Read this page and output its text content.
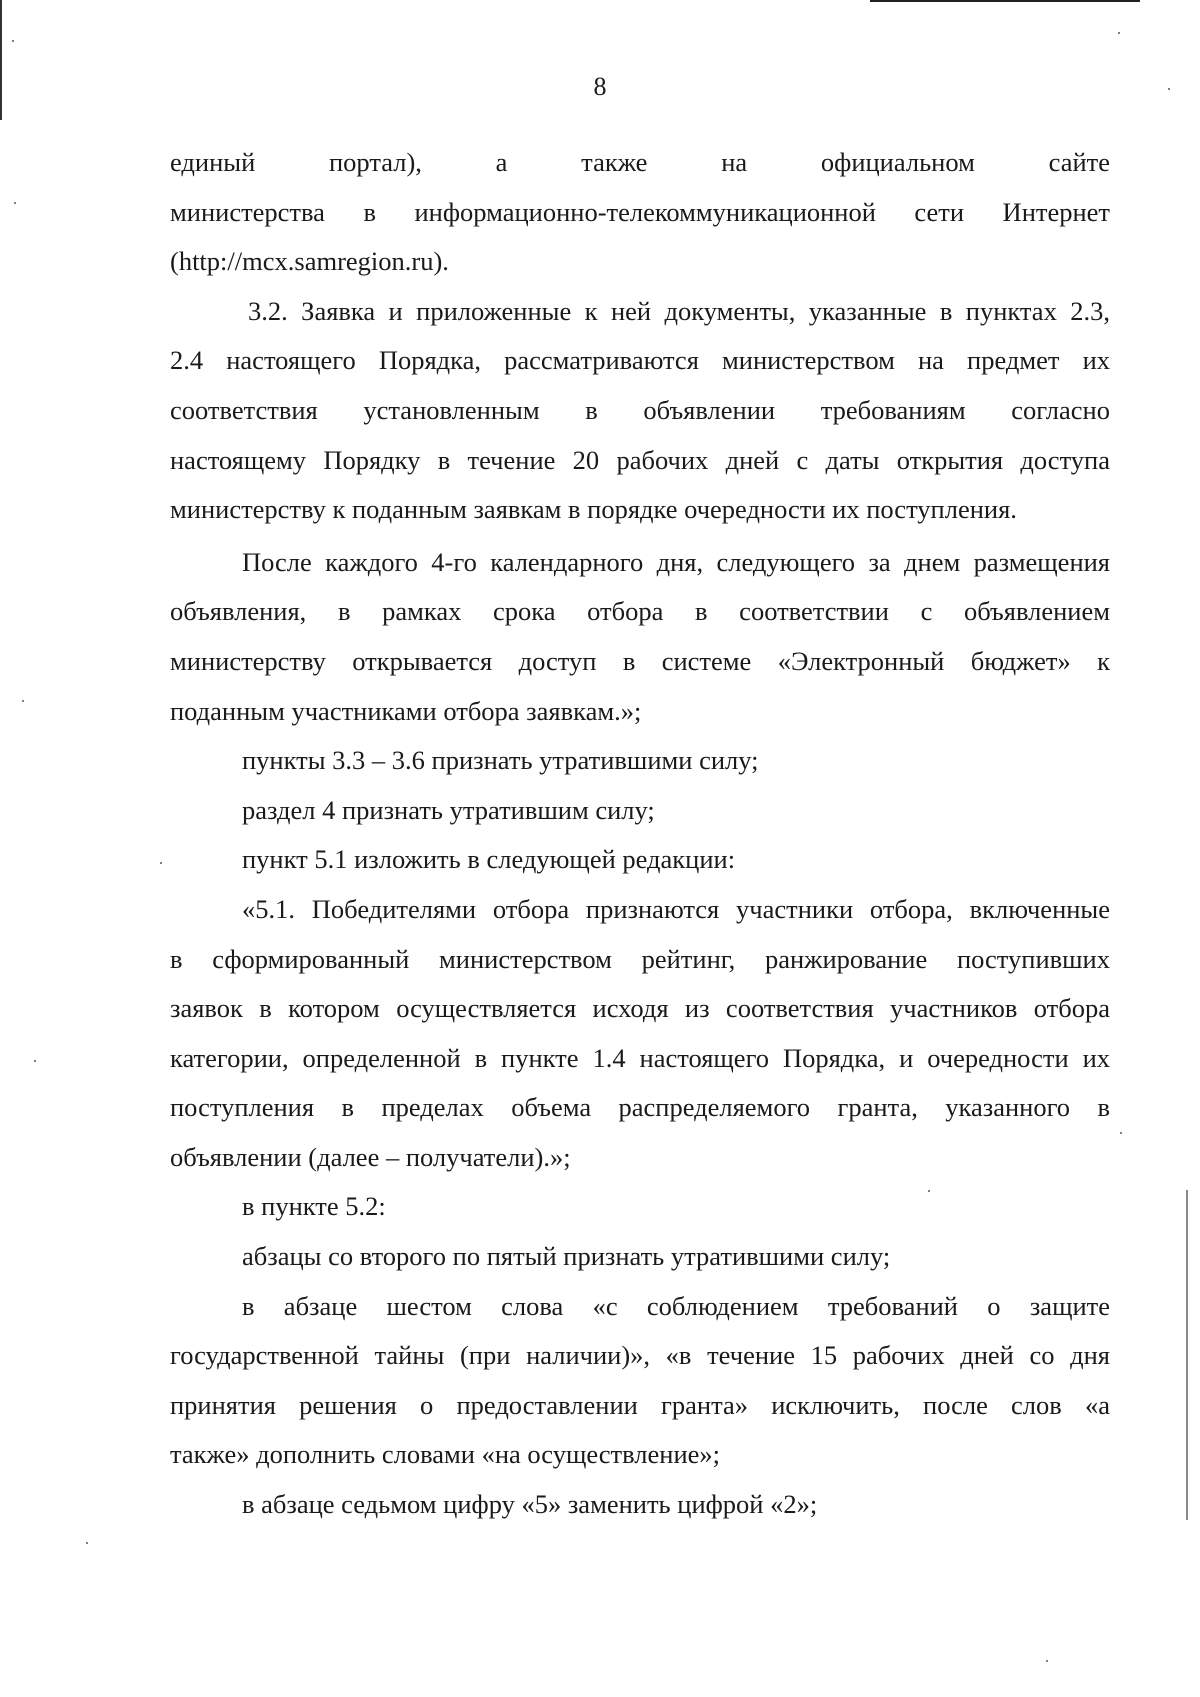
8

единый портал), а также на официальном сайте

министерства в информационно-телекоммуникационной сети Интернет

(http://mcx.samregion.ru).

3.2. Заявка и приложенные к ней документы, указанные в пунктах 2.3,

2.4 настоящего Порядка, рассматриваются министерством на предмет их

соответствия установленным в объявлении требованиям согласно

настоящему Порядку в течение 20 рабочих дней с даты открытия доступа

министерству к поданным заявкам в порядке очередности их поступления.

После каждого 4-го календарного дня, следующего за днем размещения

объявления, в рамках срока отбора в соответствии с объявлением

министерству открывается доступ в системе «Электронный бюджет» к

поданным участниками отбора заявкам.»;

пункты 3.3 – 3.6 признать утратившими силу;

раздел 4 признать утратившим силу;

пункт 5.1 изложить в следующей редакции:

«5.1. Победителями отбора признаются участники отбора, включенные

в сформированный министерством рейтинг, ранжирование поступивших

заявок в котором осуществляется исходя из соответствия участников отбора

категории, определенной в пункте 1.4 настоящего Порядка, и очередности их

поступления в пределах объема распределяемого гранта, указанного в

объявлении (далее – получатели).»;

в пункте 5.2:

абзацы со второго по пятый признать утратившими силу;

в абзаце шестом слова «с соблюдением требований о защите

государственной тайны (при наличии)», «в течение 15 рабочих дней со дня

принятия решения о предоставлении гранта» исключить, после слов «а

также» дополнить словами «на осуществление»;

в абзаце седьмом цифру «5» заменить цифрой «2»;
